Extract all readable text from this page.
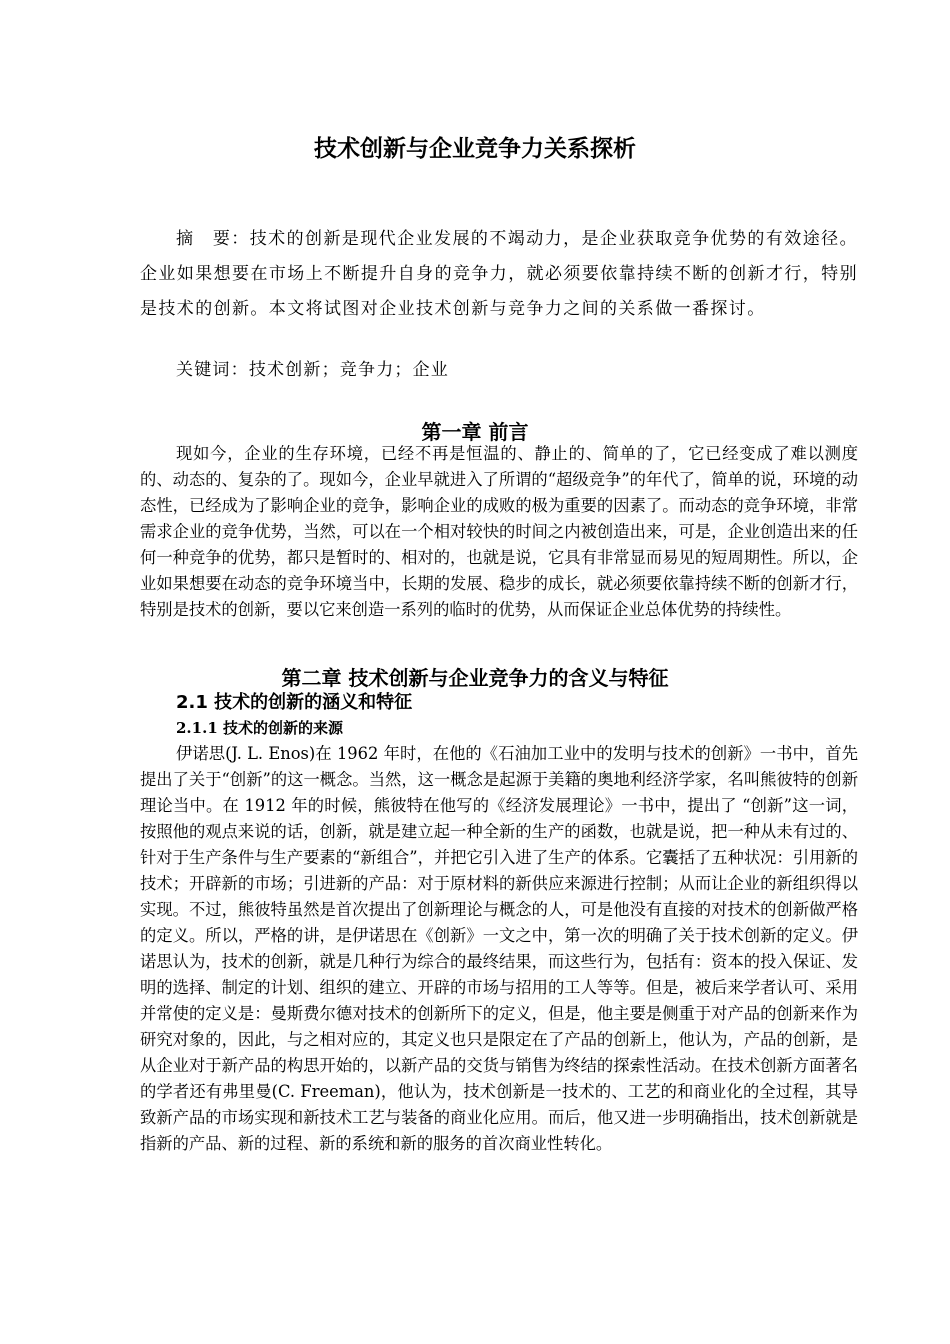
技术创新与企业竞争力关系探析

摘　要：技术的创新是现代企业发展的不竭动力，是企业获取竞争优势的有效途径。企业如果想要在市场上不断提升自身的竞争力，就必须要依靠持续不断的创新才行，特别是技术的创新。本文将试图对企业技术创新与竞争力之间的关系做一番探讨。

关键词：技术创新；竞争力；企业

第一章 前言

现如今，企业的生存环境，已经不再是恒温的、静止的、简单的了，它已经变成了难以测度的、动态的、复杂的了。现如今，企业早就进入了所谓的“超级竞争”的年代了，简单的说，环境的动态性，已经成为了影响企业的竞争，影响企业的成败的极为重要的因素了。而动态的竞争环境，非常需求企业的竞争优势，当然，可以在一个相对较快的时间之内被创造出来，可是，企业创造出来的任何一种竞争的优势，都只是暂时的、相对的，也就是说，它具有非常显而易见的短周期性。所以，企业如果想要在动态的竞争环境当中，长期的发展、稳步的成长，就必须要依靠持续不断的创新才行，特别是技术的创新，要以它来创造一系列的临时的优势，从而保证企业总体优势的持续性。

第二章 技术创新与企业竞争力的含义与特征
2.1 技术的创新的涵义和特征
2.1.1 技术的创新的来源

伊诺思(J. L. Enos)在 1962 年时，在他的《石油加工业中的发明与技术的创新》一书中，首先提出了关于“创新”的这一概念。当然，这一概念是起源于美籍的奥地利经济学家，名叫熊彼特的创新理论当中。在 1912 年的时候，熊彼特在他写的《经济发展理论》一书中，提出了 “创新”这一词，按照他的观点来说的话，创新，就是建立起一种全新的生产的函数，也就是说，把一种从未有过的、针对于生产条件与生产要素的“新组合”，并把它引入进了生产的体系。它囊括了五种状况：引用新的技术；开辟新的市场；引进新的产品：对于原材料的新供应来源进行控制；从而让企业的新组织得以实现。不过，熊彼特虽然是首次提出了创新理论与概念的人，可是他没有直接的对技术的创新做严格的定义。所以，严格的讲，是伊诺思在《创新》一文之中，第一次的明确了关于技术创新的定义。伊诺思认为，技术的创新，就是几种行为综合的最终结果，而这些行为，包括有：资本的投入保证、发明的选择、制定的计划、组织的建立、开辟的市场与招用的工人等等。但是，被后来学者认可、采用并常使的定义是：曼斯费尔德对技术的创新所下的定义，但是，他主要是侧重于对产品的创新来作为研究对象的，因此，与之相对应的，其定义也只是限定在了产品的创新上，他认为，产品的创新，是从企业对于新产品的构思开始的，以新产品的交货与销售为终结的探索性活动。在技术创新方面著名的学者还有弗里曼(C. Freeman)，他认为，技术创新是一技术的、工艺的和商业化的全过程，其导致新产品的市场实现和新技术工艺与装备的商业化应用。而后，他又进一步明确指出，技术创新就是指新的产品、新的过程、新的系统和新的服务的首次商业性转化。
